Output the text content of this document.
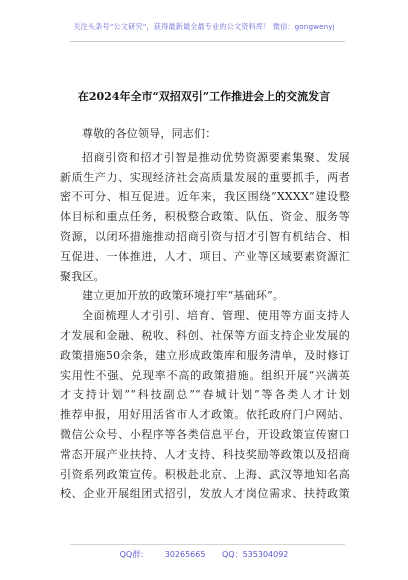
关注头条号“公文研究”，获得最新最全最专业的公文资料库！ 微信：gongwenyj
在2024年全市“双招双引”工作推进会上的交流发言
尊敬的各位领导，同志们：
招商引资和招才引智是推动优势资源要素集聚、发展
新质生产力、实现经济社会高质量发展的重要抓手，两者
密不可分、相互促进。近年来，我区围绕“XXXX”建设整
体目标和重点任务，积极整合政策、队伍、资金、服务等
资源，以闭环措施推动招商引资与招才引智有机结合、相
互促进、一体推进，人才、项目、产业等区域要素资源汇
聚我区。
建立更加开放的政策环境打牢“基础环”。
全面梳理人才引引、培育、管理、使用等方面支持人
才发展和金融、税收、科创、社保等方面支持企业发展的
政策措施50余条，建立形成政策库和服务清单，及时修订
实用性不强、兑现率不高的政策措施。组织开展“兴满英
才支持计划”“科技副总”“春城计划”等各类人才计划
推荐申报，用好用活省市人才政策。依托政府门户网站、
微信公众号、小程序等各类信息平台，开设政策宣传窗口
常态开展产业扶持、人才支持、科技奖励等政策以及招商
引资系列政策宣传。积极赴北京、上海、武汉等地知名高
校、企业开展组团式招引，发放人才岗位需求、扶持政策
QQ群： 30265665 QQ：535304092
